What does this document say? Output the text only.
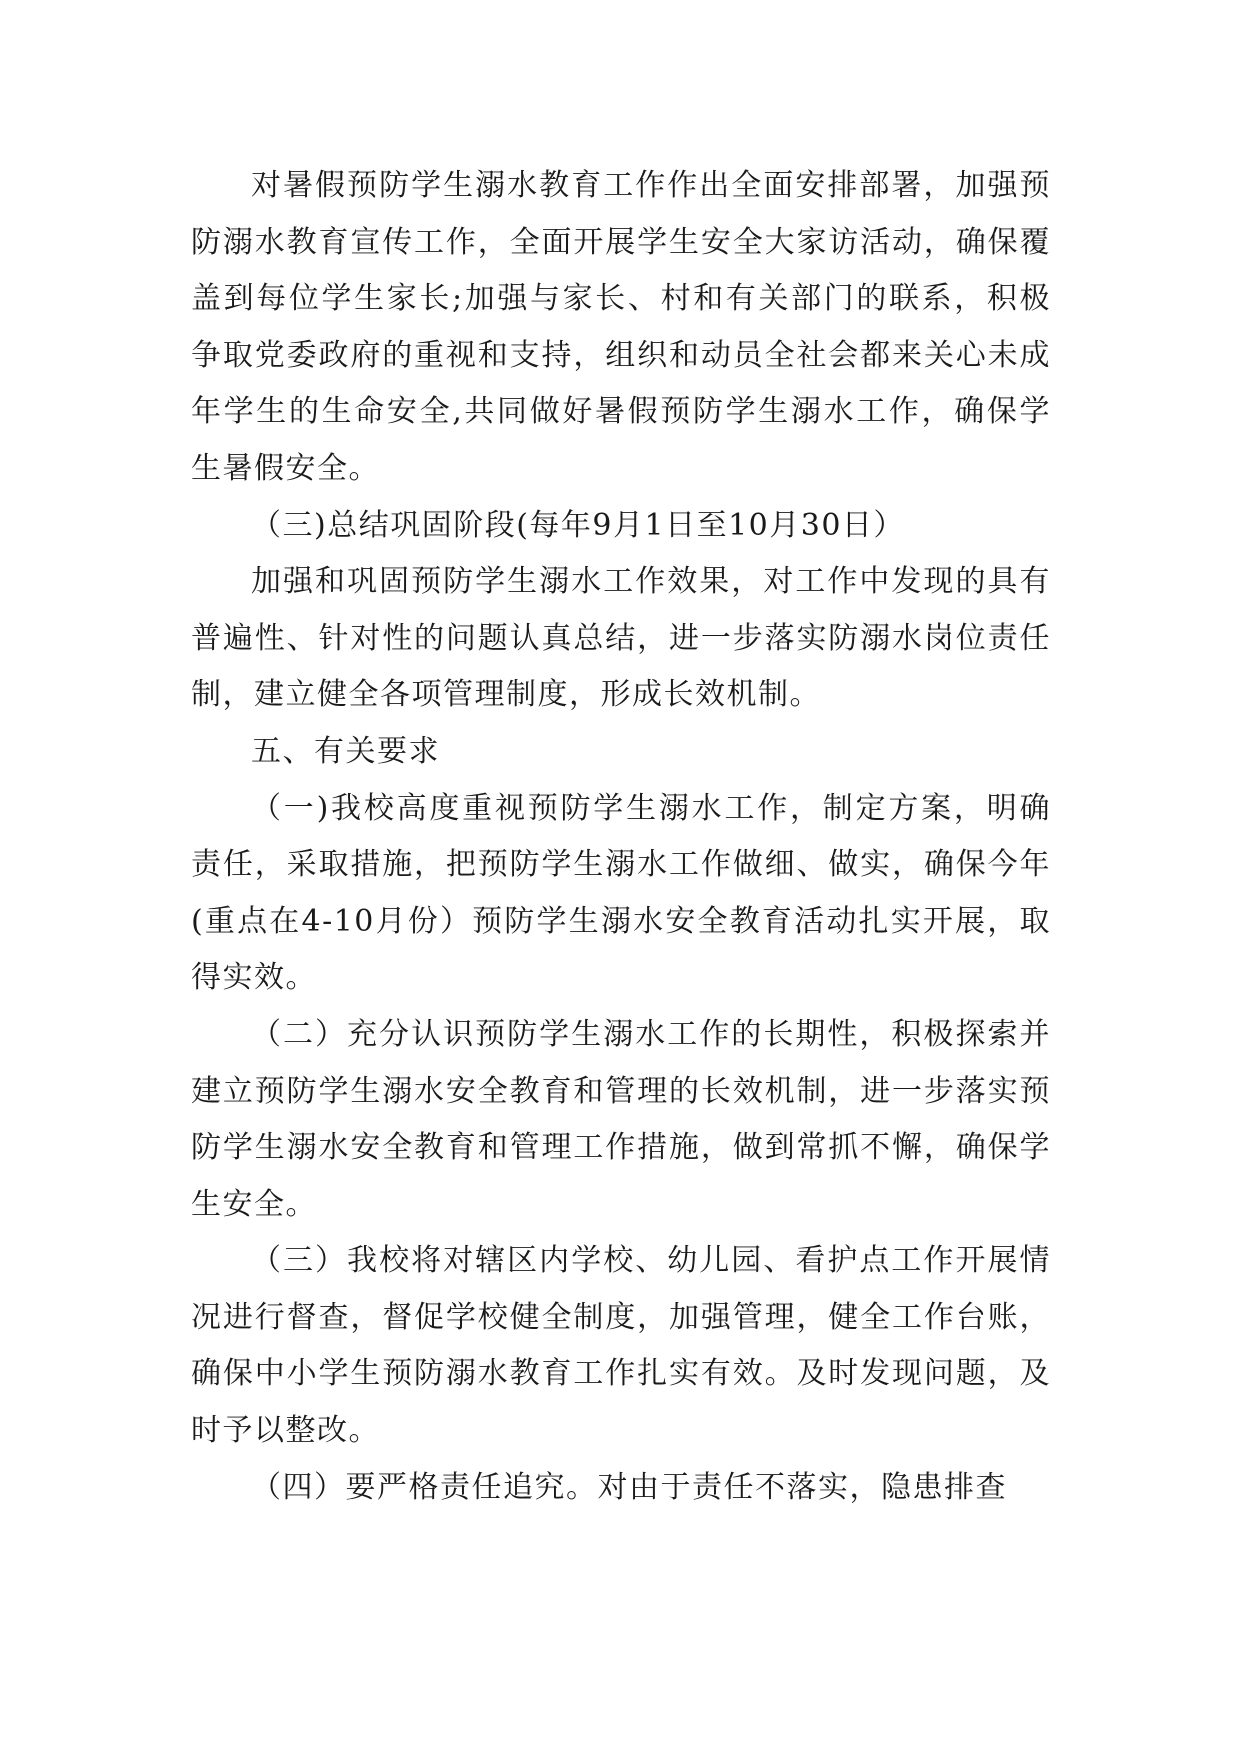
对暑假预防学生溺水教育工作作出全面安排部署，加强预防溺水教育宣传工作，全面开展学生安全大家访活动，确保覆盖到每位学生家长;加强与家长、村和有关部门的联系，积极争取党委政府的重视和支持，组织和动员全社会都来关心未成年学生的生命安全,共同做好暑假预防学生溺水工作，确保学生暑假安全。

（三)总结巩固阶段(每年9月1日至10月30日）

加强和巩固预防学生溺水工作效果，对工作中发现的具有普遍性、针对性的问题认真总结，进一步落实防溺水岗位责任制，建立健全各项管理制度，形成长效机制。

五、有关要求

（一)我校高度重视预防学生溺水工作，制定方案，明确责任，采取措施，把预防学生溺水工作做细、做实，确保今年(重点在4-10月份）预防学生溺水安全教育活动扎实开展，取得实效。

（二）充分认识预防学生溺水工作的长期性，积极探索并建立预防学生溺水安全教育和管理的长效机制，进一步落实预防学生溺水安全教育和管理工作措施，做到常抓不懈，确保学生安全。

（三）我校将对辖区内学校、幼儿园、看护点工作开展情况进行督查，督促学校健全制度，加强管理，健全工作台账，确保中小学生预防溺水教育工作扎实有效。及时发现问题，及时予以整改。

（四）要严格责任追究。对由于责任不落实，隐患排查
